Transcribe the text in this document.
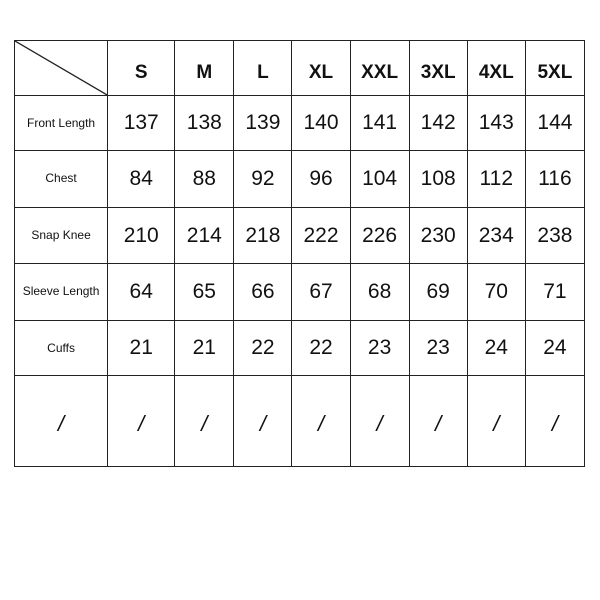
	S	M	L	XL	XXL	3XL	4XL	5XL
Front Length	137	138	139	140	141	142	143	144
Chest	84	88	92	96	104	108	112	116
Snap Knee	210	214	218	222	226	230	234	238
Sleeve Length	64	65	66	67	68	69	70	71
Cuffs	21	21	22	22	23	23	24	24
/	/	/	/	/	/	/	/	/
